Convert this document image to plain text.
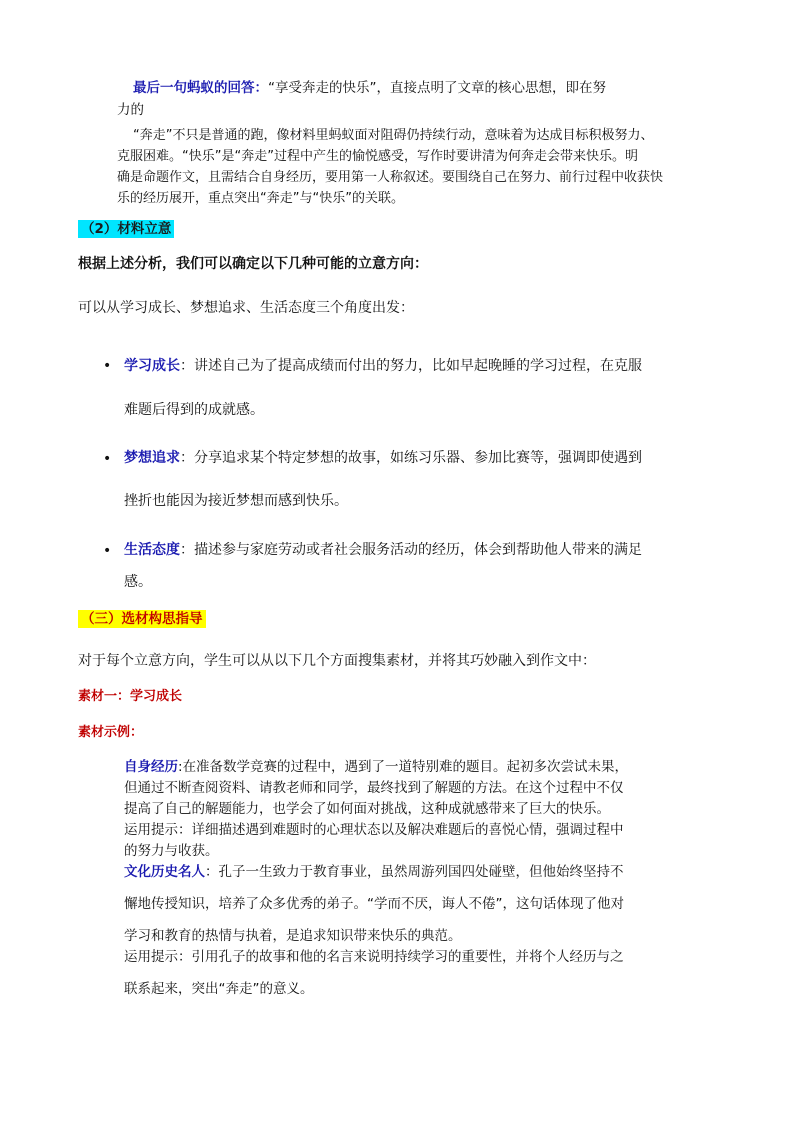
最后一句蚂蚁的回答：“享受奔走的快乐”，直接点明了文章的核心思想，即在努
力的
“奔走”不只是普通的跑，像材料里蚂蚁面对阻碍仍持续行动，意味着为达成目标积极努力、
克服困难。“快乐”是“奔走”过程中产生的愉悦感受，写作时要讲清为何奔走会带来快乐。明
确是命题作文，且需结合自身经历，要用第一人称叙述。要围绕自己在努力、前行过程中收获快
乐的经历展开，重点突出“奔走”与“快乐”的关联。
（2）材料立意
根据上述分析，我们可以确定以下几种可能的立意方向：
可以从学习成长、梦想追求、生活态度三个角度出发：
• 学习成长：讲述自己为了提高成绩而付出的努力，比如早起晚睡的学习过程，在克服
难题后得到的成就感。
• 梦想追求：分享追求某个特定梦想的故事，如练习乐器、参加比赛等，强调即使遇到
挫折也能因为接近梦想而感到快乐。
• 生活态度：描述参与家庭劳动或者社会服务活动的经历，体会到帮助他人带来的满足
感。
（三）选材构思指导
对于每个立意方向，学生可以从以下几个方面搜集素材，并将其巧妙融入到作文中：
素材一：学习成长
素材示例：
自身经历:在准备数学竞赛的过程中，遇到了一道特别难的题目。起初多次尝试未果，
但通过不断查阅资料、请教老师和同学，最终找到了解题的方法。在这个过程中不仅
提高了自己的解题能力，也学会了如何面对挑战，这种成就感带来了巨大的快乐。
运用提示：详细描述遇到难题时的心理状态以及解决难题后的喜悦心情，强调过程中
的努力与收获。
文化历史名人：孔子一生致力于教育事业，虽然周游列国四处碰壁，但他始终坚持不
懈地传授知识，培养了众多优秀的弟子。“学而不厌，诲人不倦”，这句话体现了他对
学习和教育的热情与执着，是追求知识带来快乐的典范。
运用提示：引用孔子的故事和他的名言来说明持续学习的重要性，并将个人经历与之
联系起来，突出“奔走”的意义。
